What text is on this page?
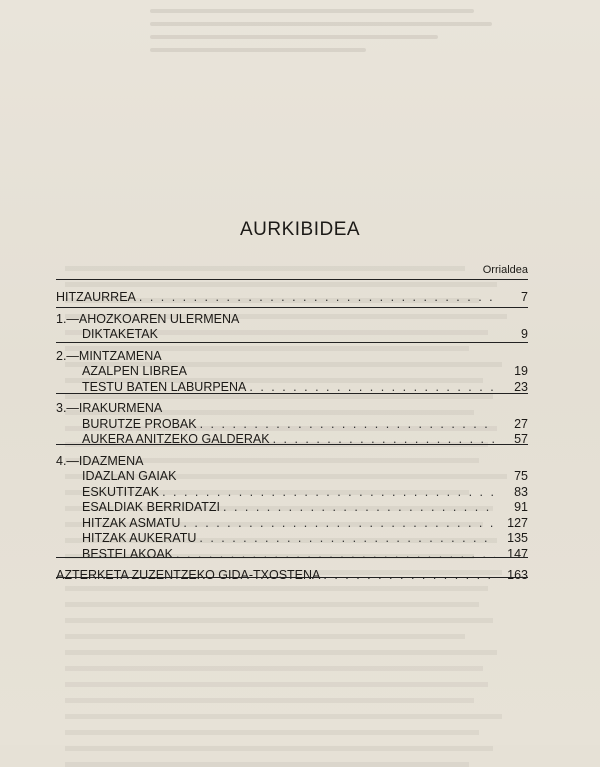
AURKIBIDEA
Orrialdea
HITZAURREA . . .	7
1.—AHOZKOAREN ULERMENA
DIKTAKETAK	9
2.—MINTZAMENA
AZALPEN LIBREA	19
TESTU BATEN LABURPENA . . .	23
3.—IRAKURMENA
BURUTZE PROBAK . . .	27
AUKERA ANITZEKO GALDERAK . . .	57
4.—IDAZMENA
IDAZLAN GAIAK	75
ESKUTITZAK . . .	83
ESALDIAK BERRIDATZI . . .	91
HITZAK ASMATU . . .	127
HITZAK AUKERATU . . .	135
BESTELAKOAK . . .	147
AZTERKETA ZUZENTZEKO GIDA-TXOSTENA . . .	163
